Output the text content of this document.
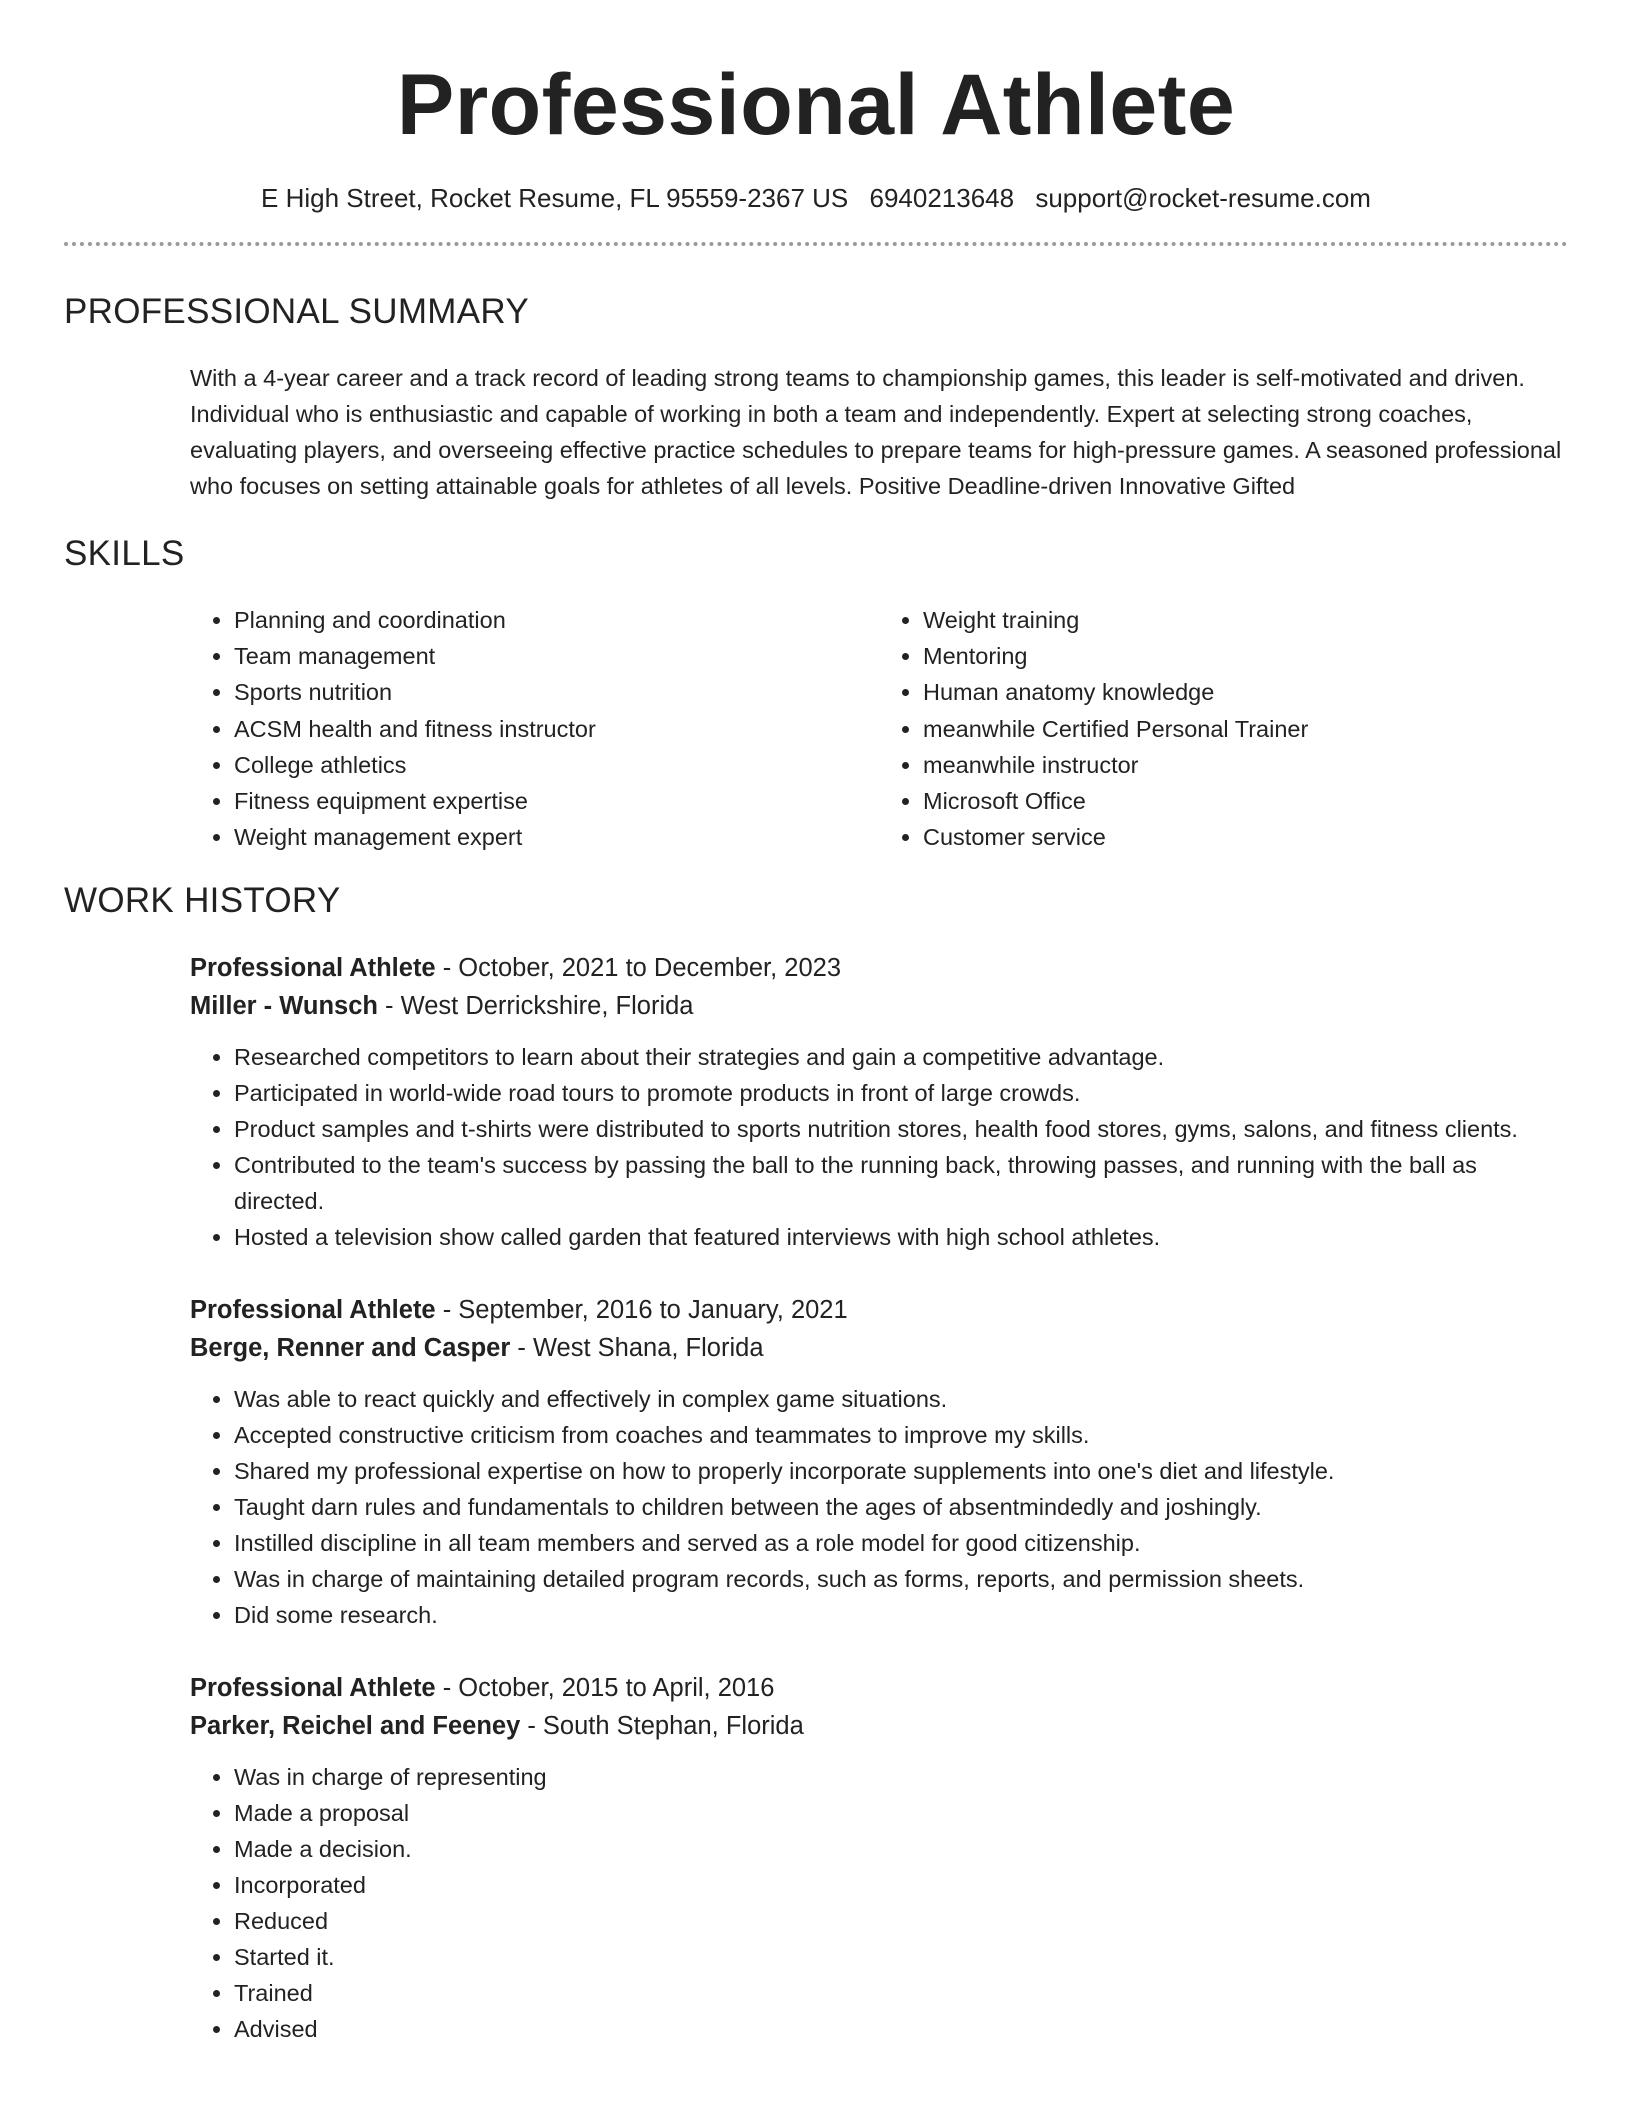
Professional Athlete
E High Street, Rocket Resume, FL 95559-2367 US 6940213648 support@rocket-resume.com
PROFESSIONAL SUMMARY
With a 4-year career and a track record of leading strong teams to championship games, this leader is self-motivated and driven. Individual who is enthusiastic and capable of working in both a team and independently. Expert at selecting strong coaches, evaluating players, and overseeing effective practice schedules to prepare teams for high-pressure games. A seasoned professional who focuses on setting attainable goals for athletes of all levels. Positive Deadline-driven Innovative Gifted
SKILLS
• Planning and coordination
• Team management
• Sports nutrition
• ACSM health and fitness instructor
• College athletics
• Fitness equipment expertise
• Weight management expert
• Weight training
• Mentoring
• Human anatomy knowledge
• meanwhile Certified Personal Trainer
• meanwhile instructor
• Microsoft Office
• Customer service
WORK HISTORY
Professional Athlete - October, 2021 to December, 2023
Miller - Wunsch - West Derrickshire, Florida
• Researched competitors to learn about their strategies and gain a competitive advantage.
• Participated in world-wide road tours to promote products in front of large crowds.
• Product samples and t-shirts were distributed to sports nutrition stores, health food stores, gyms, salons, and fitness clients.
• Contributed to the team's success by passing the ball to the running back, throwing passes, and running with the ball as directed.
• Hosted a television show called garden that featured interviews with high school athletes.
Professional Athlete - September, 2016 to January, 2021
Berge, Renner and Casper - West Shana, Florida
• Was able to react quickly and effectively in complex game situations.
• Accepted constructive criticism from coaches and teammates to improve my skills.
• Shared my professional expertise on how to properly incorporate supplements into one's diet and lifestyle.
• Taught darn rules and fundamentals to children between the ages of absentmindedly and joshingly.
• Instilled discipline in all team members and served as a role model for good citizenship.
• Was in charge of maintaining detailed program records, such as forms, reports, and permission sheets.
• Did some research.
Professional Athlete - October, 2015 to April, 2016
Parker, Reichel and Feeney - South Stephan, Florida
• Was in charge of representing
• Made a proposal
• Made a decision.
• Incorporated
• Reduced
• Started it.
• Trained
• Advised
